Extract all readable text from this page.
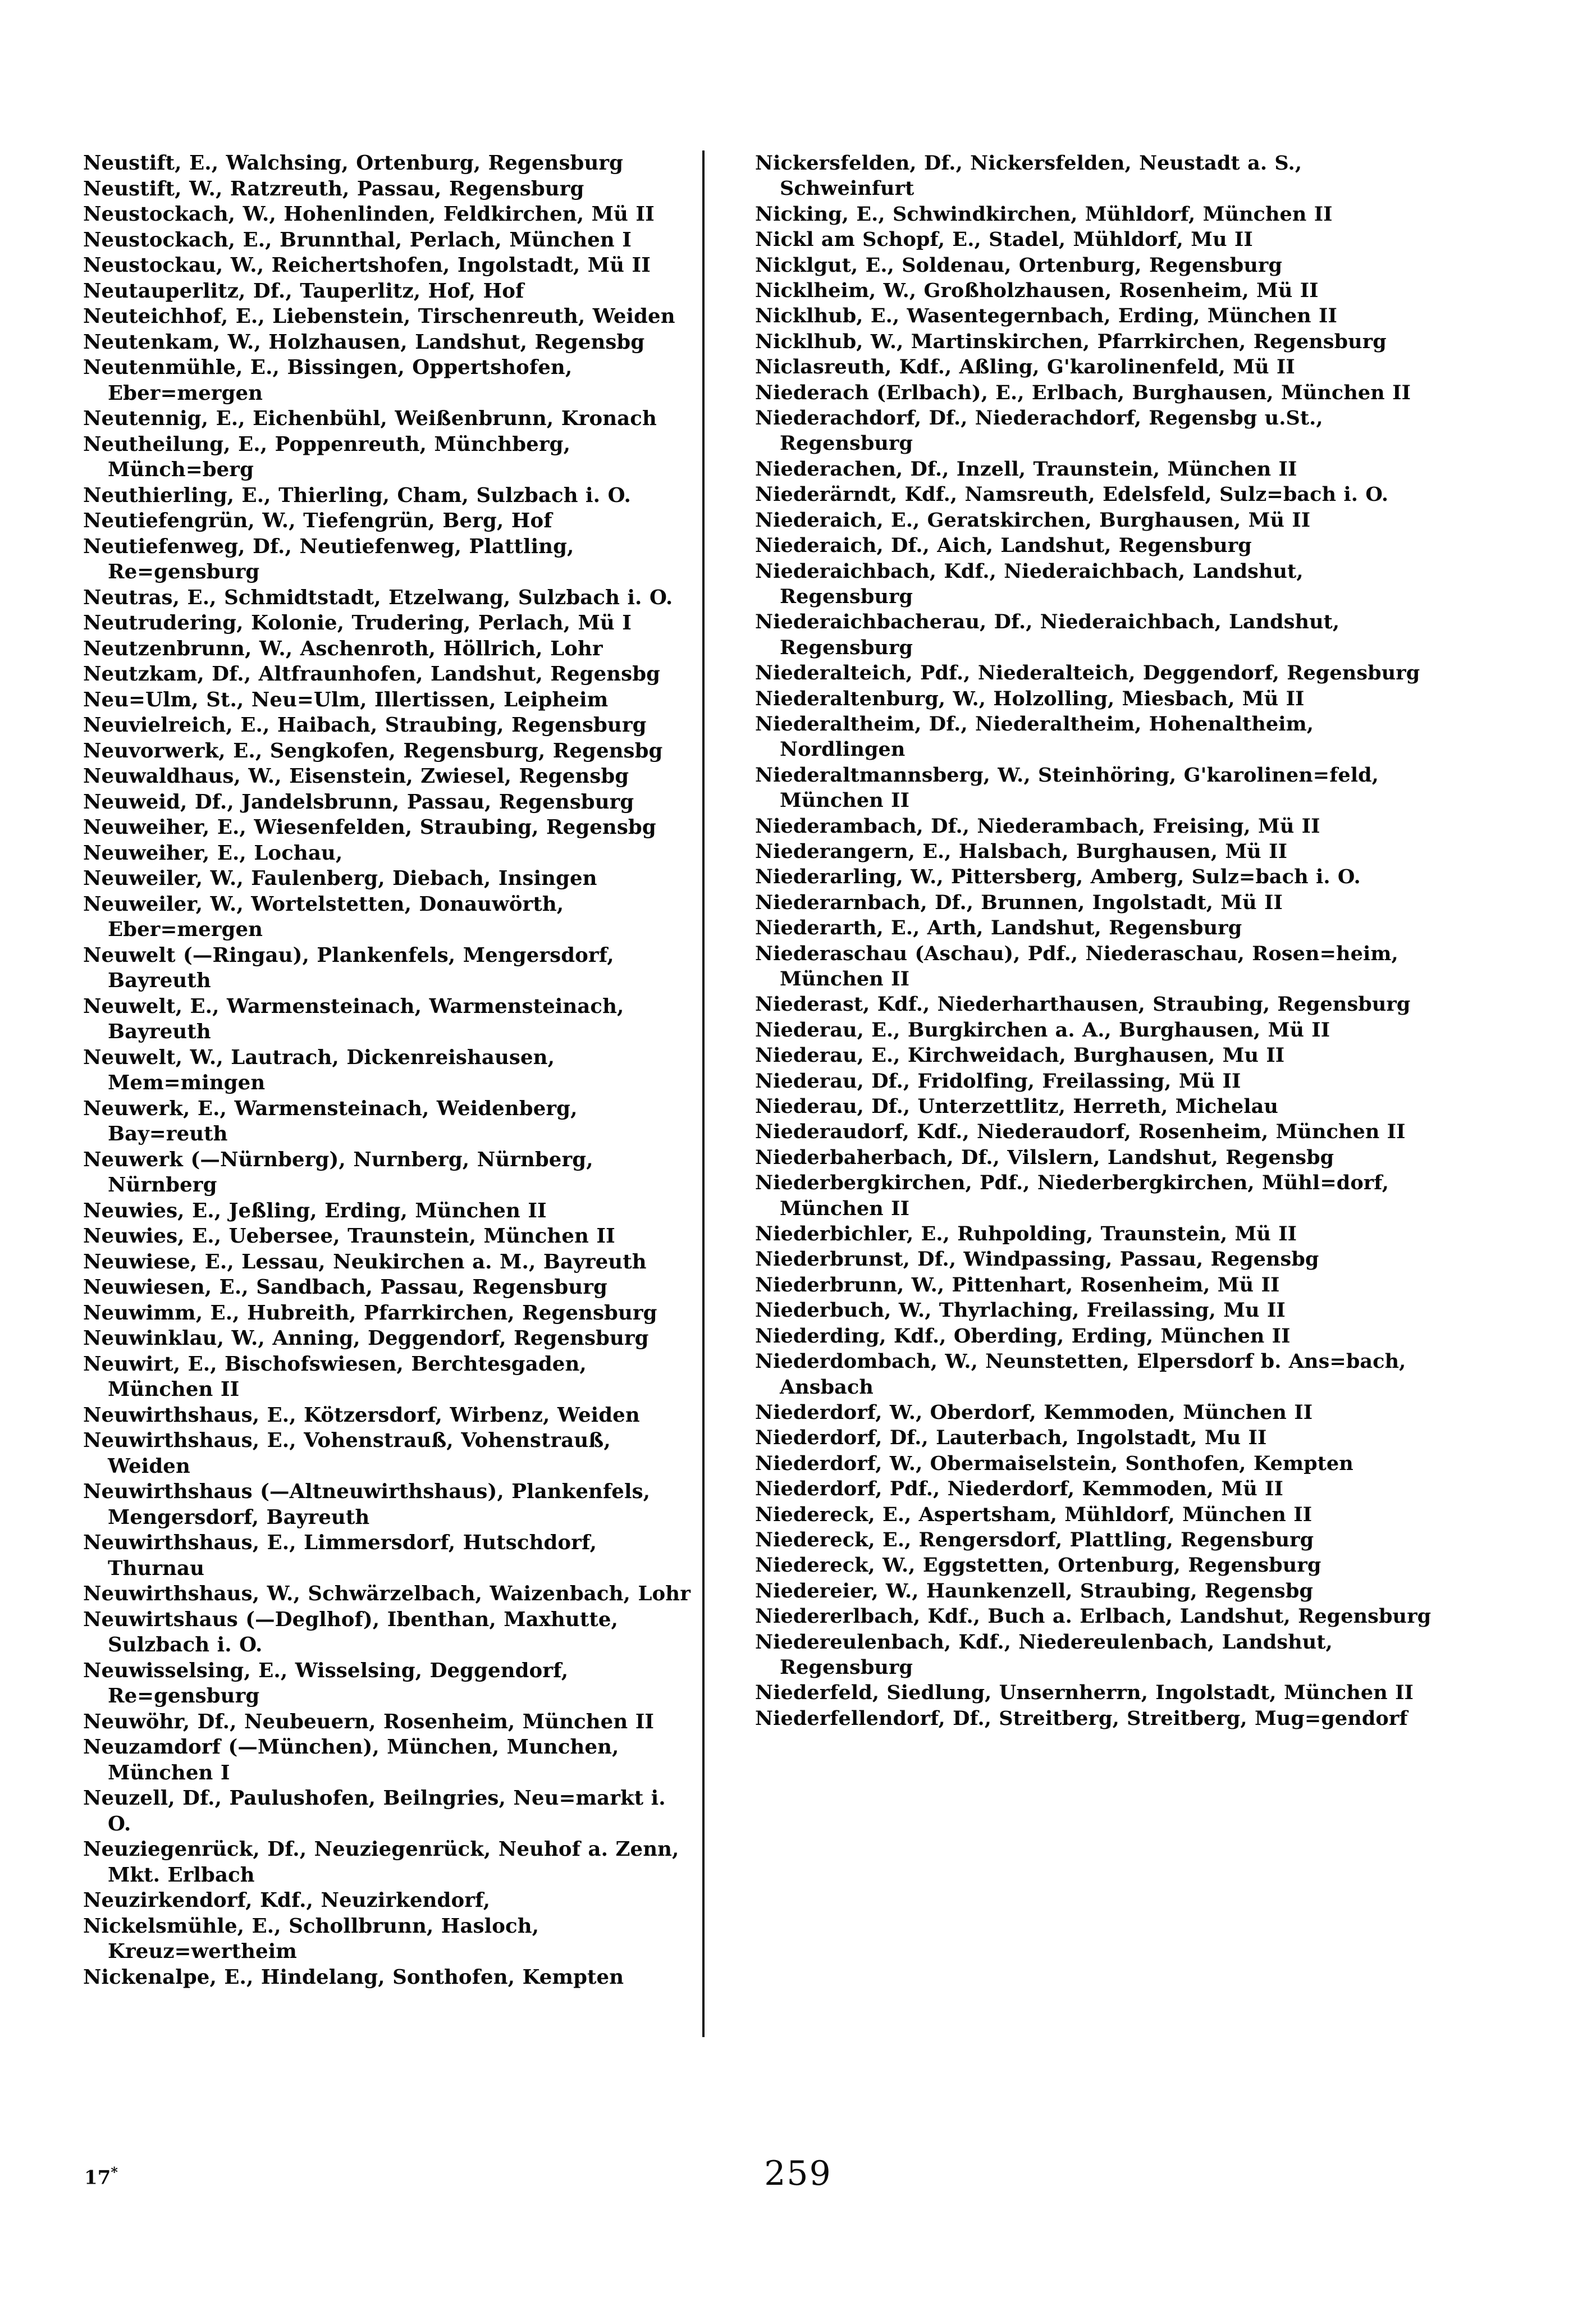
Neustift, E., Walchsing, Ortenburg, Regensburg
Neustift, W., Ratzreuth, Passau, Regensburg
Neustockach, W., Hohenlinden, Feldkirchen, Mü II
Neustockach, E., Brunnthal, Perlach, München I
Neustockau, W., Reichertshofen, Ingolstadt, Mü II
Neutauperlitz, Df., Tauperlitz, Hof, Hof
Neuteichhof, E., Liebenstein, Tirschenreuth, Weiden
Neutenkam, W., Holzhausen, Landshut, Regensbg
Neutenmühle, E., Bissingen, Oppertshofen, Eber=mergen
Neutennig, E., Eichenbühl, Weißenbrunn, Kronach
Neutheilung, E., Poppenreuth, Münchberg, Münch=berg
Neuthierling, E., Thierling, Cham, Sulzbach i. O.
Neutiefengrün, W., Tiefengrün, Berg, Hof
Neutiefenweg, Df., Neutiefenweg, Plattling, Re=gensburg
Neutras, E., Schmidtstadt, Etzelwang, Sulzbach i. O.
Neutrudering, Kolonie, Trudering, Perlach, Mü I
Neutzenbrunn, W., Aschenroth, Höllrich, Lohr
Neutzkam, Df., Altfraunhofen, Landshut, Regensbg
Neu=Ulm, St., Neu=Ulm, Illertissen, Leipheim
Neuvielreich, E., Haibach, Straubing, Regensburg
Neuvorwerk, E., Sengkofen, Regensburg, Regensbg
Neuwaldhaus, W., Eisenstein, Zwiesel, Regensbg
Neuweid, Df., Jandelsbrunn, Passau, Regensburg
Neuweiher, E., Wiesenfelden, Straubing, Regensbg
Neuweiher, E., Lochau,
Neuweiler, W., Faulenberg, Diebach, Insingen
Neuweiler, W., Wortelstetten, Donauwörth, Eber=mergen
Neuwelt (—Ringau), Plankenfels, Mengersdorf, Bayreuth
Neuwelt, E., Warmensteinach, Warmensteinach, Bayreuth
Neuwelt, W., Lautrach, Dickenreishausen, Mem=mingen
Neuwerk, E., Warmensteinach, Weidenberg, Bay=reuth
Neuwerk (—Nürnberg), Nurnberg, Nürnberg, Nürnberg
Neuwies, E., Jeßling, Erding, München II
Neuwies, E., Uebersee, Traunstein, München II
Neuwiese, E., Lessau, Neukirchen a. M., Bayreuth
Neuwiesen, E., Sandbach, Passau, Regensburg
Neuwimm, E., Hubreith, Pfarrkirchen, Regensburg
Neuwinklau, W., Anning, Deggendorf, Regensburg
Neuwirt, E., Bischofswiesen, Berchtesgaden, München II
Neuwirthshaus, E., Kötzersdorf, Wirbenz, Weiden
Neuwirthshaus, E., Vohenstrauß, Vohenstrauß, Weiden
Neuwirthshaus (—Altneuwirthshaus), Plankenfels, Mengersdorf, Bayreuth
Neuwirthshaus, E., Limmersdorf, Hutschdorf, Thurnau
Neuwirthshaus, W., Schwärzelbach, Waizenbach, Lohr
Neuwirtshaus (—Deglhof), Ibenthan, Maxhutte, Sulzbach i. O.
Neuwisselsing, E., Wisselsing, Deggendorf, Re=gensburg
Neuwöhr, Df., Neubeuern, Rosenheim, München II
Neuzamdorf (—München), München, Munchen, München I
Neuzell, Df., Paulushofen, Beilngries, Neu=markt i. O.
Neuziegenrück, Df., Neuziegenrück, Neuhof a. Zenn, Mkt. Erlbach
Neuzirkendorf, Kdf., Neuzirkendorf,
Nickelsmühle, E., Schollbrunn, Hasloch, Kreuz=wertheim
Nickenalpe, E., Hindelang, Sonthofen, Kempten
Nickersfelden, Df., Nickersfelden, Neustadt a. S., Schweinfurt
Nicking, E., Schwindkirchen, Mühldorf, München II
Nickl am Schopf, E., Stadel, Mühldorf, Mu II
Nicklgut, E., Soldenau, Ortenburg, Regensburg
Nicklheim, W., Großholzhausen, Rosenheim, Mü II
Nicklhub, E., Wasentegernbach, Erding, München II
Nicklhub, W., Martinskirchen, Pfarrkirchen, Regensburg
Niclasreuth, Kdf., Aßling, G'karolinenfeld, Mü II
Niederach (Erlbach), E., Erlbach, Burghausen, München II
Niederachdorf, Df., Niederachdorf, Regensbg u.St., Regensburg
Niederachen, Df., Inzell, Traunstein, München II
Niederärndt, Kdf., Namsreuth, Edelsfeld, Sulz=bach i. O.
Niederaich, E., Geratskirchen, Burghausen, Mü II
Niederaich, Df., Aich, Landshut, Regensburg
Niederaichbach, Kdf., Niederaichbach, Landshut, Regensburg
Niederaichbacherau, Df., Niederaichbach, Landshut, Regensburg
Niederalteich, Pdf., Niederalteich, Deggendorf, Regensburg
Niederaltenburg, W., Holzolling, Miesbach, Mü II
Niederaltheim, Df., Niederaltheim, Hohenaltheim, Nordlingen
Niederaltmannsberg, W., Steinhöring, G'karolinen=feld, München II
Niederambach, Df., Niederambach, Freising, Mü II
Niederangern, E., Halsbach, Burghausen, Mü II
Niederarling, W., Pittersberg, Amberg, Sulz=bach i. O.
Niederarnbach, Df., Brunnen, Ingolstadt, Mü II
Niederarth, E., Arth, Landshut, Regensburg
Niederaschau (Aschau), Pdf., Niederaschau, Rosen=heim, München II
Niederast, Kdf., Niederharthausen, Straubing, Regensburg
Niederau, E., Burgkirchen a. A., Burghausen, Mü II
Niederau, E., Kirchweidach, Burghausen, Mu II
Niederau, Df., Fridolfing, Freilassing, Mü II
Niederau, Df., Unterzettlitz, Herreth, Michelau
Niederaudorf, Kdf., Niederaudorf, Rosenheim, München II
Niederbaherbach, Df., Vilslern, Landshut, Regensbg
Niederbergkirchen, Pdf., Niederbergkirchen, Mühl=dorf, München II
Niederbichler, E., Ruhpolding, Traunstein, Mü II
Niederbrunst, Df., Windpassing, Passau, Regensbg
Niederbrunn, W., Pittenhart, Rosenheim, Mü II
Niederbuch, W., Thyrlaching, Freilassing, Mu II
Niederding, Kdf., Oberding, Erding, München II
Niederdombach, W., Neunstetten, Elpersdorf b. Ans=bach, Ansbach
Niederdorf, W., Oberdorf, Kemmoden, München II
Niederdorf, Df., Lauterbach, Ingolstadt, Mu II
Niederdorf, W., Obermaiselstein, Sonthofen, Kempten
Niederdorf, Pdf., Niederdorf, Kemmoden, Mü II
Niedereck, E., Aspertsham, Mühldorf, München II
Niedereck, E., Rengersdorf, Plattling, Regensburg
Niedereck, W., Eggstetten, Ortenburg, Regensburg
Niedereier, W., Haunkenzell, Straubing, Regensbg
Niedererlbach, Kdf., Buch a. Erlbach, Landshut, Regensburg
Niedereulenbach, Kdf., Niedereulenbach, Landshut, Regensburg
Niederfeld, Siedlung, Unsernherrn, Ingolstadt, München II
Niederfellendorf, Df., Streitberg, Streitberg, Mug=gendorf
17*	259
